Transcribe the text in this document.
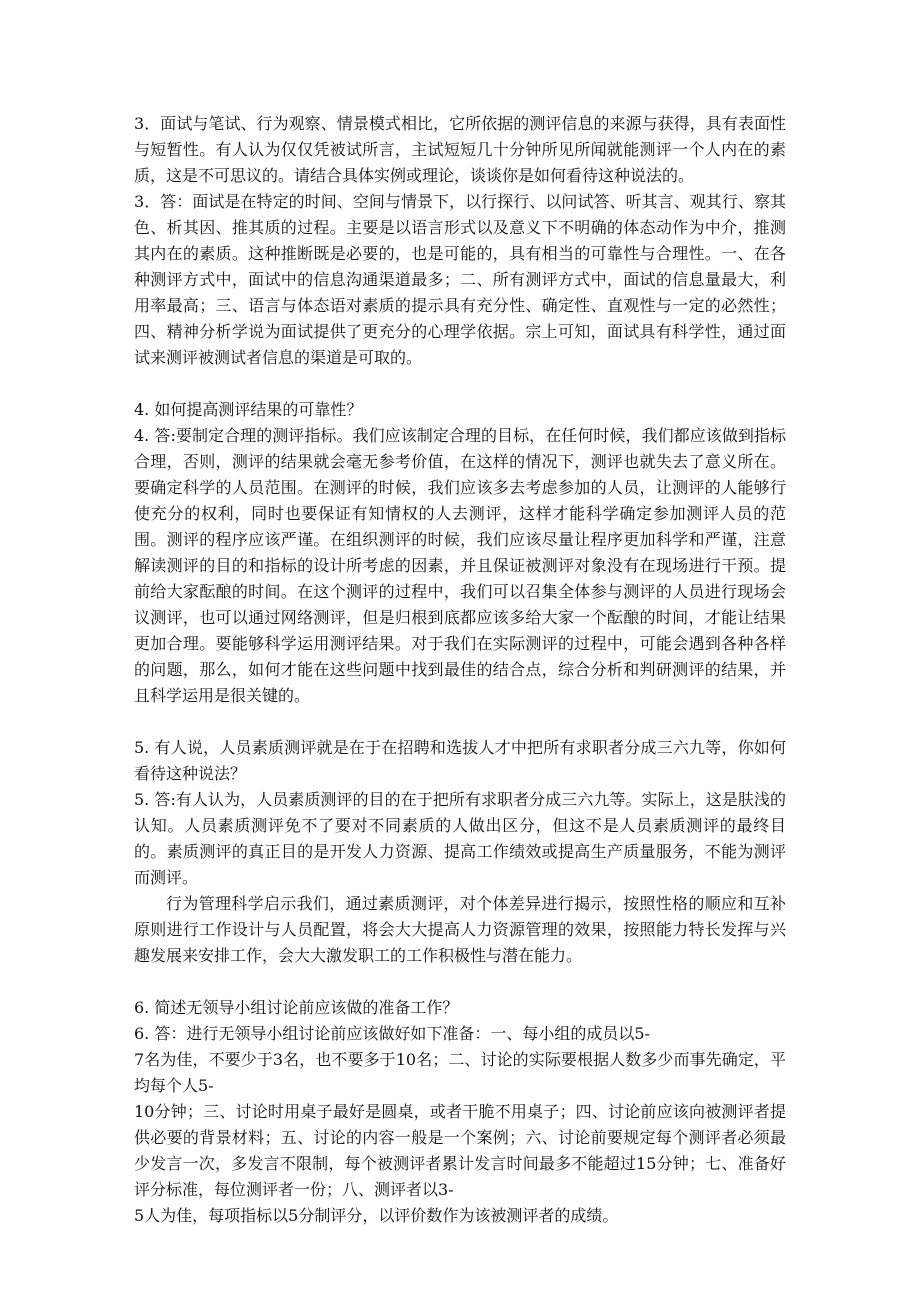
3．面试与笔试、行为观察、情景模式相比，它所依据的测评信息的来源与获得，具有表面性与短暂性。有人认为仅仅凭被试所言，主试短短几十分钟所见所闻就能测评一个人内在的素质，这是不可思议的。请结合具体实例或理论，谈谈你是如何看待这种说法的。

3．答：面试是在特定的时间、空间与情景下，以行探行、以问试答、听其言、观其行、察其色、析其因、推其质的过程。主要是以语言形式以及意义下不明确的体态动作为中介，推测其内在的素质。这种推断既是必要的，也是可能的，具有相当的可靠性与合理性。一、在各种测评方式中，面试中的信息沟通渠道最多；二、所有测评方式中，面试的信息量最大，利用率最高；三、语言与体态语对素质的提示具有充分性、确定性、直观性与一定的必然性；四、精神分析学说为面试提供了更充分的心理学依据。宗上可知，面试具有科学性，通过面试来测评被测试者信息的渠道是可取的。

4. 如何提高测评结果的可靠性？

4. 答:要制定合理的测评指标。我们应该制定合理的目标，在任何时候，我们都应该做到指标合理，否则，测评的结果就会毫无参考价值，在这样的情况下，测评也就失去了意义所在。要确定科学的人员范围。在测评的时候，我们应该多去考虑参加的人员，让测评的人能够行使充分的权利，同时也要保证有知情权的人去测评，这样才能科学确定参加测评人员的范围。测评的程序应该严谨。在组织测评的时候，我们应该尽量让程序更加科学和严谨，注意解读测评的目的和指标的设计所考虑的因素，并且保证被测评对象没有在现场进行干预。提前给大家酝酿的时间。在这个测评的过程中，我们可以召集全体参与测评的人员进行现场会议测评，也可以通过网络测评，但是归根到底都应该多给大家一个酝酿的时间，才能让结果更加合理。要能够科学运用测评结果。对于我们在实际测评的过程中，可能会遇到各种各样的问题，那么，如何才能在这些问题中找到最佳的结合点，综合分析和判研测评的结果，并且科学运用是很关键的。

5. 有人说，人员素质测评就是在于在招聘和选拔人才中把所有求职者分成三六九等，你如何看待这种说法？

5. 答:有人认为，人员素质测评的目的在于把所有求职者分成三六九等。实际上，这是肤浅的认知。人员素质测评免不了要对不同素质的人做出区分，但这不是人员素质测评的最终目的。素质测评的真正目的是开发人力资源、提高工作绩效或提高生产质量服务，不能为测评而测评。

行为管理科学启示我们，通过素质测评，对个体差异进行揭示，按照性格的顺应和互补原则进行工作设计与人员配置，将会大大提高人力资源管理的效果，按照能力特长发挥与兴趣发展来安排工作，会大大激发职工的工作积极性与潜在能力。

6. 简述无领导小组讨论前应该做的准备工作？

6. 答：进行无领导小组讨论前应该做好如下准备：一、每小组的成员以5-

7名为佳，不要少于3名，也不要多于10名；二、讨论的实际要根据人数多少而事先确定，平均每个人5-

10分钟；三、讨论时用桌子最好是圆桌，或者干脆不用桌子；四、讨论前应该向被测评者提供必要的背景材料；五、讨论的内容一般是一个案例；六、讨论前要规定每个测评者必须最少发言一次，多发言不限制，每个被测评者累计发言时间最多不能超过15分钟；七、准备好评分标准，每位测评者一份；八、测评者以3-

5人为佳，每项指标以5分制评分，以评价数作为该被测评者的成绩。
